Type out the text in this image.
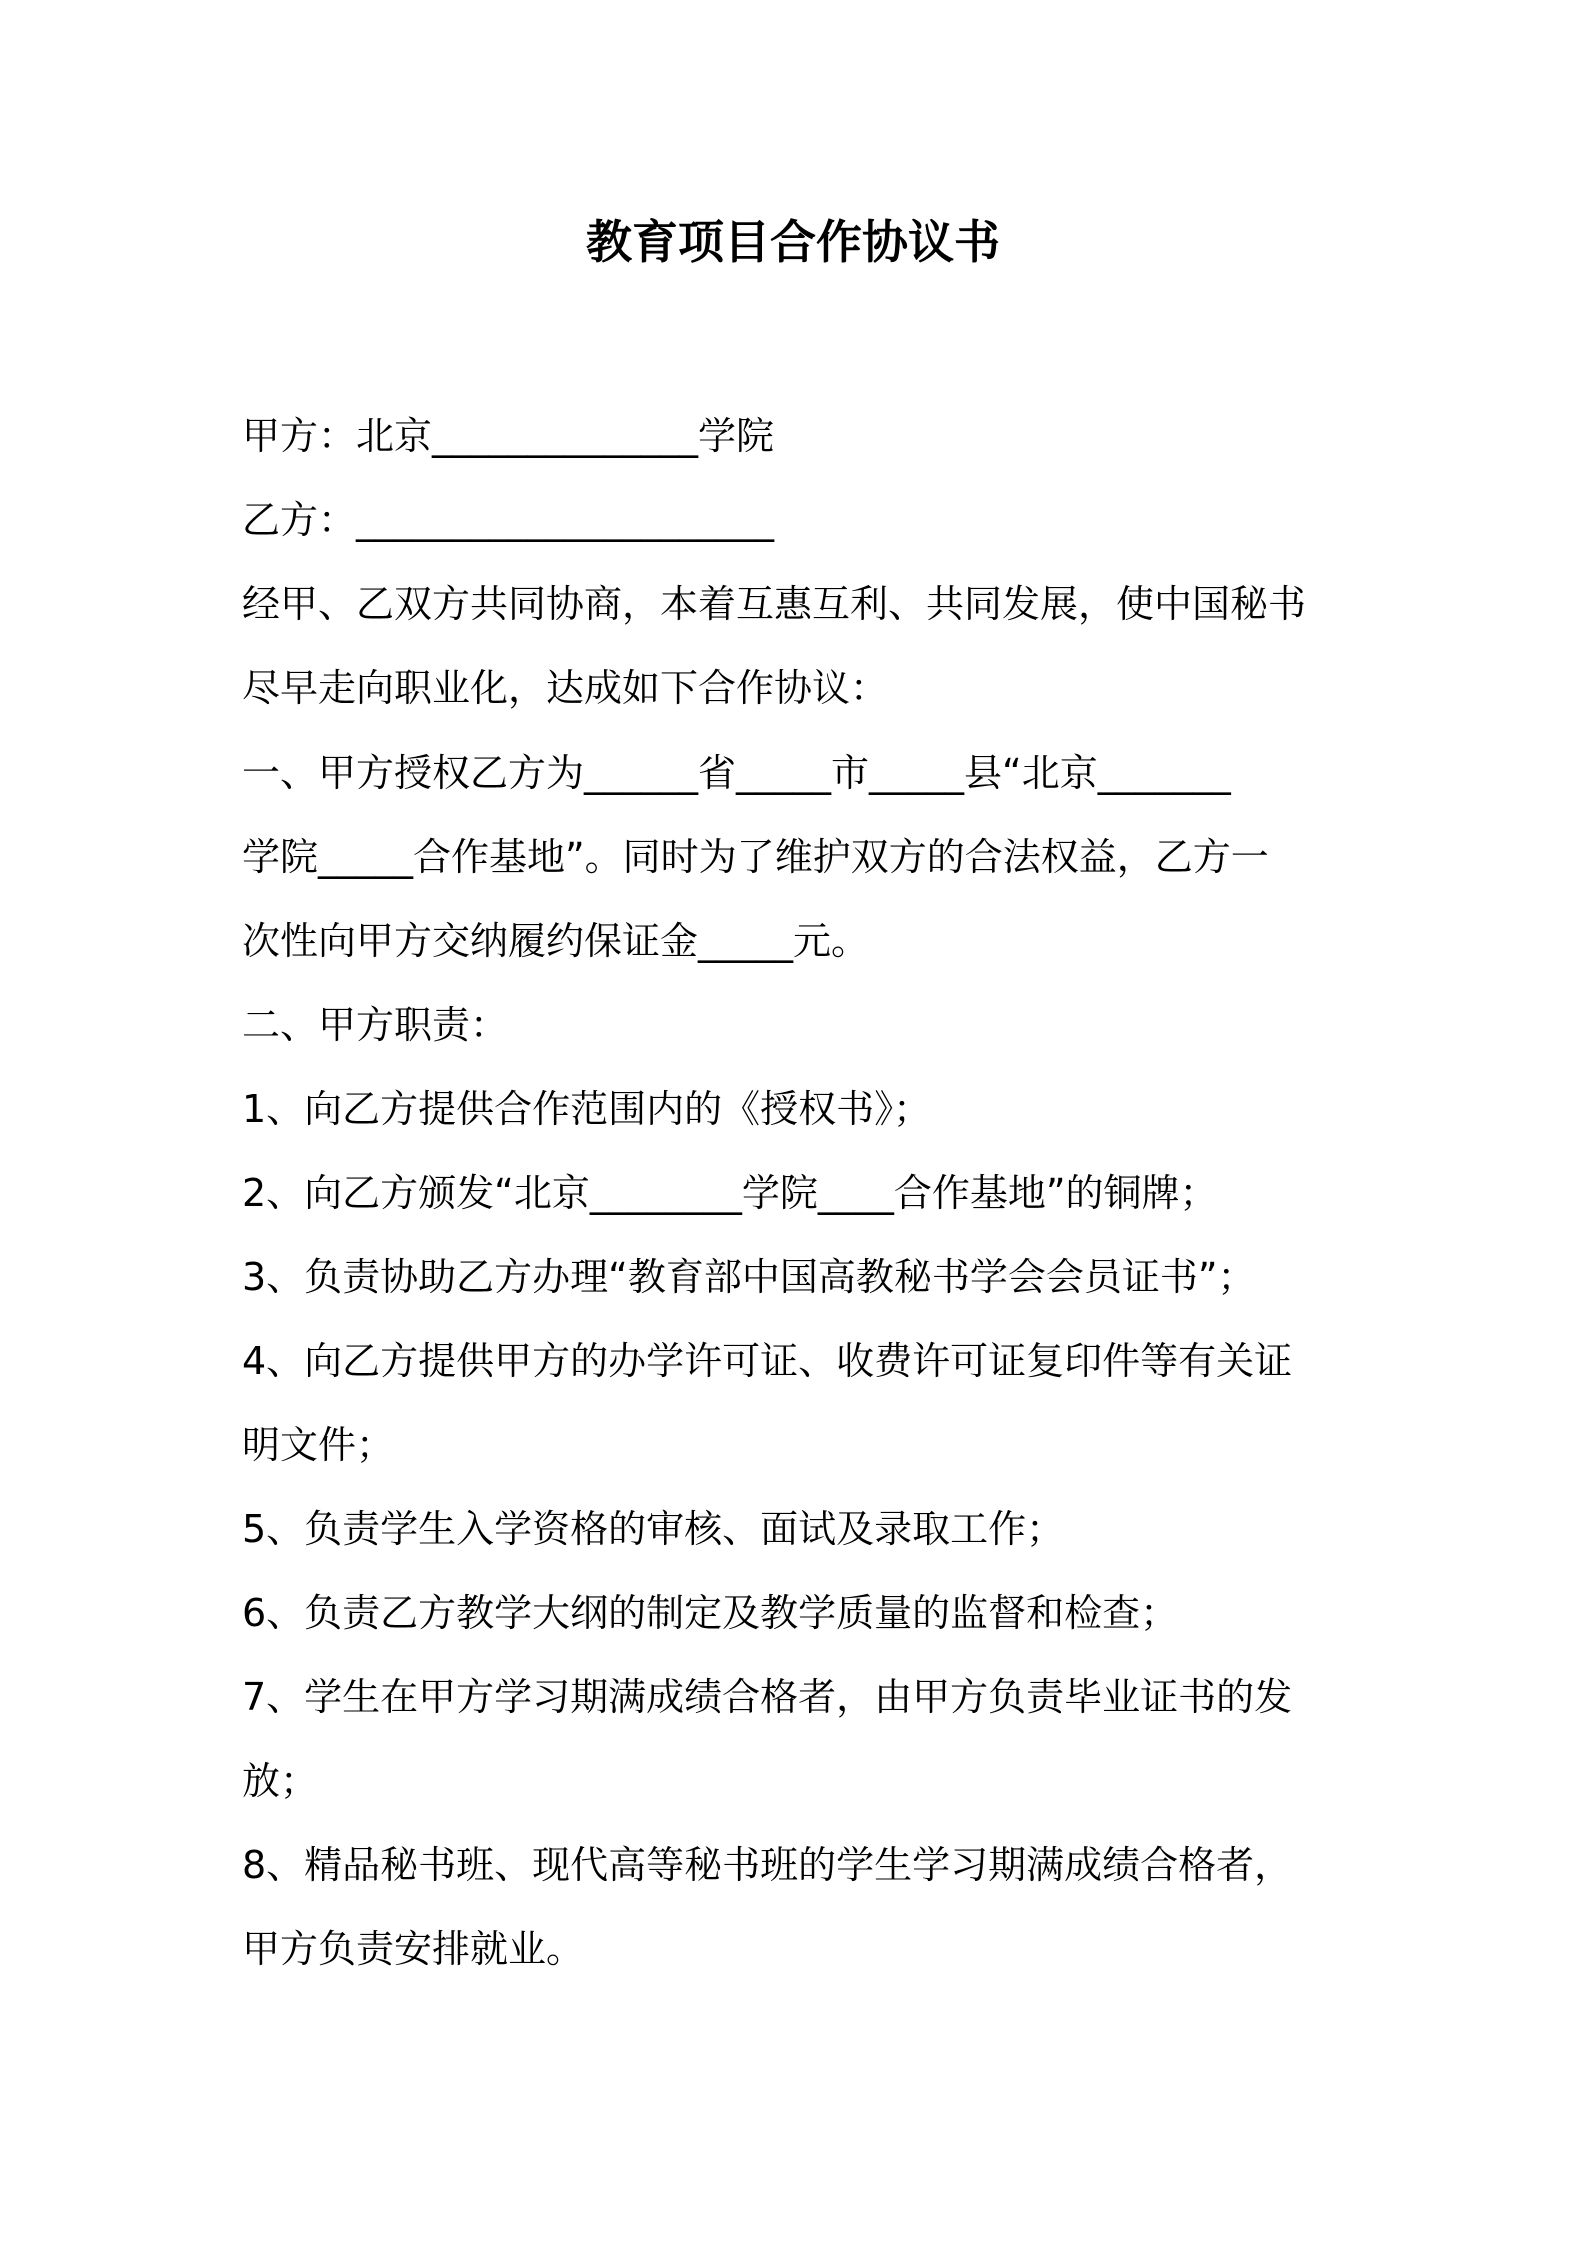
教育项目合作协议书

甲方：北京______________学院

乙方：______________________

经甲、乙双方共同协商，本着互惠互利、共同发展，使中国秘书

尽早走向职业化，达成如下合作协议：

一、甲方授权乙方为______省_____市_____县“北京_______

学院_____合作基地”。同时为了维护双方的合法权益，乙方一

次性向甲方交纳履约保证金_____元。

二、甲方职责：

1、向乙方提供合作范围内的《授权书》；

2、向乙方颁发“北京________学院____合作基地”的铜牌；

3、负责协助乙方办理“教育部中国高教秘书学会会员证书”；

4、向乙方提供甲方的办学许可证、收费许可证复印件等有关证

明文件；

5、负责学生入学资格的审核、面试及录取工作；

6、负责乙方教学大纲的制定及教学质量的监督和检查；

7、学生在甲方学习期满成绩合格者，由甲方负责毕业证书的发

放；

8、精品秘书班、现代高等秘书班的学生学习期满成绩合格者，

甲方负责安排就业。
